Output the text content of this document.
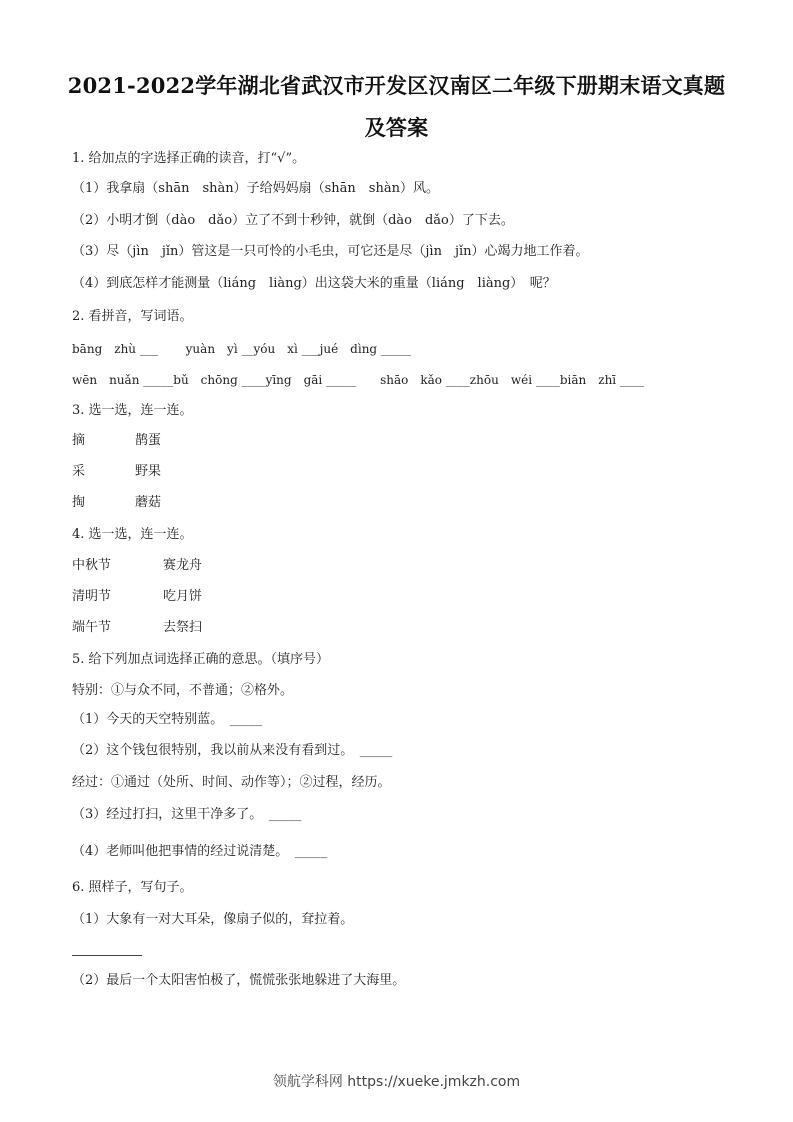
2021-2022学年湖北省武汉市开发区汉南区二年级下册期末语文真题
及答案
1. 给加点的字选择正确的读音，打“√”。
（1）我拿扇（shān　shàn）子给妈妈扇（shān　shàn）风。
（2）小明才倒（dào　dǎo）立了不到十秒钟，就倒（dào　dǎo）了下去。
（3）尽（jìn　jǐn）管这是一只可怜的小毛虫，可它还是尽（jìn　jǐn）心竭力地工作着。
（4）到底怎样才能测量（liáng　liàng）出这袋大米的重量（liáng　liàng）　呢？
2. 看拼音，写词语。
bāng　zhù ___　　 yuàn　yì __yóu　xì ___jué　dìng _____
wēn　nuǎn _____bǔ　chōng ____yīng　gāi _____　　shāo　kǎo ____zhōu　wéi ____biān　zhī ____
3. 选一选，连一连。
摘	鹊蛋
采	野果
掏	蘑菇
4. 选一选，连一连。
中秋节	赛龙舟
清明节	吃月饼
端午节	去祭扫
5. 给下列加点词选择正确的意思。（填序号）
特别：①与众不同，不普通；②格外。
（1）今天的天空特别蓝。　_____
（2）这个钱包很特别，我以前从来没有看到过。　_____
经过：①通过（处所、时间、动作等）；②过程，经历。
（3）经过打扫，这里干净多了。　_____
（4）老师叫他把事情的经过说清楚。　_____
6. 照样子，写句子。
（1）大象有一对大耳朵，像扇子似的，耷拉着。
（2）最后一个太阳害怕极了，慌慌张张地躲进了大海里。
领航学科网 https://xueke.jmkzh.com
